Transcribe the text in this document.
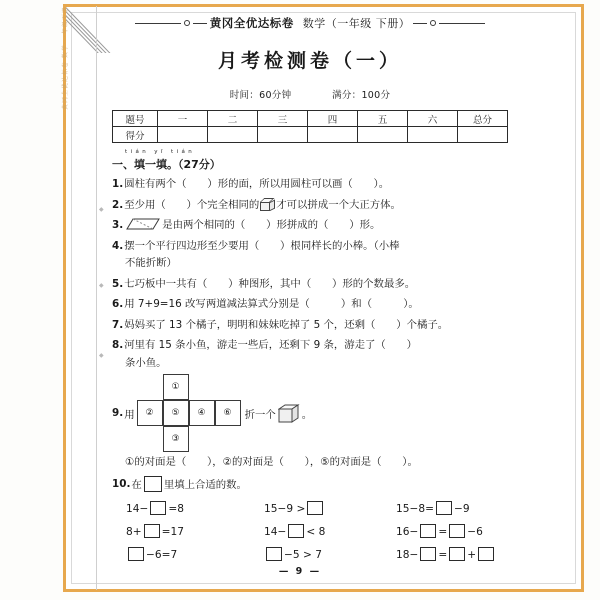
黄冈全优达标卷·数学·一年级下册
◆
◆
◆
黄冈全优达标卷 数学（一年级 下册）
月考检测卷（一）
时间：60分钟	满分：100分
题号	一	二	三	四	五	六	总分
得分							
tián yī tián
一、填一填。（27分）
1. 圆柱有两个（　　）形的面，所以用圆柱可以画（　　）。
2. 至少用（　　）个完全相同的 才可以拼成一个大正方体。
3.	是由两个相同的（　　）形拼成的（　　）形。
4. 摆一个平行四边形至少要用（　　）根同样长的小棒。（小棒
不能折断）
5. 七巧板中一共有（　　）种图形，其中（　　）形的个数最多。
6. 用 7+9=16 改写两道减法算式分别是（　　　）和（　　　）。
7. 妈妈买了 13 个橘子，明明和妹妹吃掉了 5 个，还剩（　　）个橘子。
8. 河里有 15 条小鱼，游走一些后，还剩下 9 条，游走了（　　）
条小鱼。
9. 用
①
②	⑤	④	⑥
③
折一个	。
①的对面是（　　），②的对面是（　　），⑤的对面是（　　）。
10. 在 里填上合适的数。
14− =8	15−9 >	15−8= −9
8+ =17	14− < 8	16− = −6
−6=7	−5 > 7	18− = +
— 9 —
